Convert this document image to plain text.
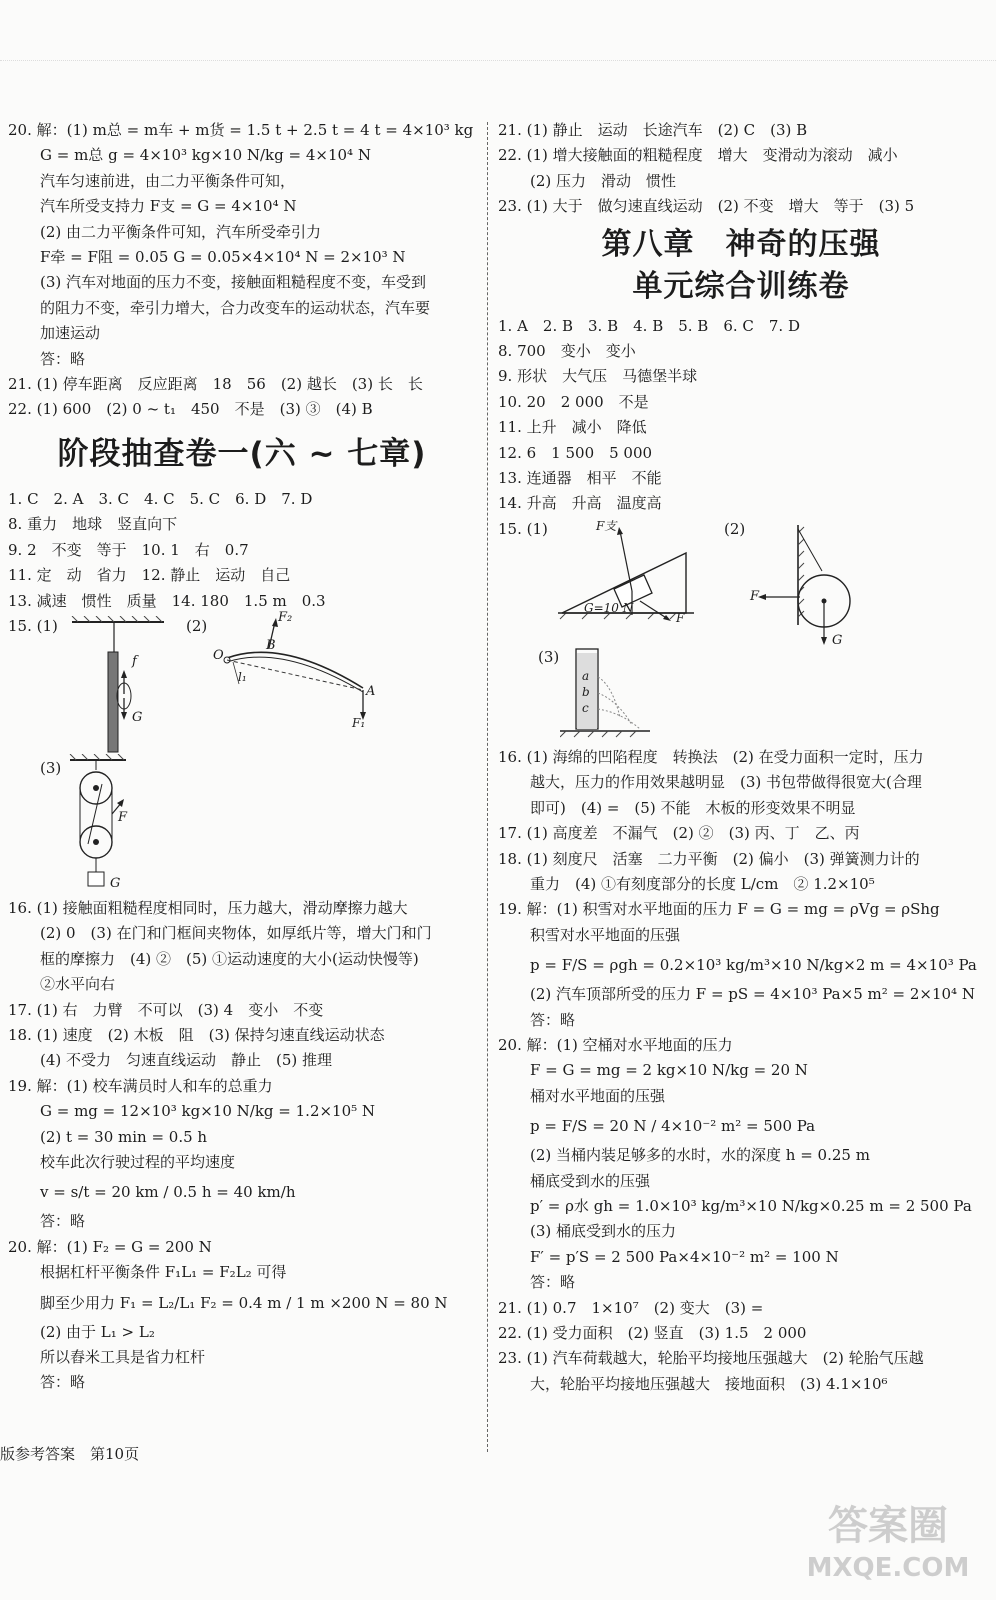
20. 解：(1) m总 = m车 + m货 = 1.5 t + 2.5 t = 4 t = 4×10³ kg
G = m总 g = 4×10³ kg×10 N/kg = 4×10⁴ N
汽车匀速前进，由二力平衡条件可知，
汽车所受支持力 F支 = G = 4×10⁴ N
(2) 由二力平衡条件可知，汽车所受牵引力
F牵 = F阻 = 0.05 G = 0.05×4×10⁴ N = 2×10³ N
(3) 汽车对地面的压力不变，接触面粗糙程度不变，车受到
的阻力不变，牵引力增大，合力改变车的运动状态，汽车要
加速运动
答：略
21. (1) 停车距离　反应距离　18　56　(2) 越长　(3) 长　长
22. (1) 600　(2) 0 ~ t₁　450　不是　(3) ③　(4) B
阶段抽查卷一(六 ~ 七章)
1. C　2. A　3. C　4. C　5. C　6. D　7. D
8. 重力　地球　竖直向下
9. 2　不变　等于　10. 1　右　0.7
11. 定　动　省力　12. 静止　运动　自己
13. 减速　惯性　质量　14. 180　1.5 m　0.3
15. (1)	(2)
(3)
f
G
F₂
O
B
l₁
A
F₁
F
G
16. (1) 接触面粗糙程度相同时，压力越大，滑动摩擦力越大
(2) 0　(3) 在门和门框间夹物体，如厚纸片等，增大门和门
框的摩擦力　(4) ②　(5) ①运动速度的大小(运动快慢等)
②水平向右
17. (1) 右　力臂　不可以　(3) 4　变小　不变
18. (1) 速度　(2) 木板　阻　(3) 保持匀速直线运动状态
(4) 不受力　匀速直线运动　静止　(5) 推理
19. 解：(1) 校车满员时人和车的总重力
G = mg = 12×10³ kg×10 N/kg = 1.2×10⁵ N
(2) t = 30 min = 0.5 h
校车此次行驶过程的平均速度
v = s/t = 20 km / 0.5 h = 40 km/h
答：略
20. 解：(1) F₂ = G = 200 N
根据杠杆平衡条件 F₁L₁ = F₂L₂ 可得
脚至少用力 F₁ = L₂/L₁ F₂ = 0.4 m / 1 m ×200 N = 80 N
(2) 由于 L₁ > L₂
所以舂米工具是省力杠杆
答：略
21. (1) 静止　运动　长途汽车　(2) C　(3) B
22. (1) 增大接触面的粗糙程度　增大　变滑动为滚动　减小
(2) 压力　滑动　惯性
23. (1) 大于　做匀速直线运动　(2) 不变　增大　等于　(3) 5
第八章　神奇的压强
单元综合训练卷
1. A　2. B　3. B　4. B　5. B　6. C　7. D
8. 700　变小　变小
9. 形状　大气压　马德堡半球
10. 20　2 000　不是
11. 上升　减小　降低
12. 6　1 500　5 000
13. 连通器　相平　不能
14. 升高　升高　温度高
15. (1)	(2)
(3)
F支
G=10 N
F
F
G
a
b
c
16. (1) 海绵的凹陷程度　转换法　(2) 在受力面积一定时，压力
越大，压力的作用效果越明显　(3) 书包带做得很宽大(合理
即可)　(4) =　(5) 不能　木板的形变效果不明显
17. (1) 高度差　不漏气　(2) ②　(3) 丙、丁　乙、丙
18. (1) 刻度尺　活塞　二力平衡　(2) 偏小　(3) 弹簧测力计的
重力　(4) ①有刻度部分的长度 L/cm　② 1.2×10⁵
19. 解：(1) 积雪对水平地面的压力 F = G = mg = ρVg = ρShg
积雪对水平地面的压强
p = F/S = ρgh = 0.2×10³ kg/m³×10 N/kg×2 m = 4×10³ Pa
(2) 汽车顶部所受的压力 F = pS = 4×10³ Pa×5 m² = 2×10⁴ N
答：略
20. 解：(1) 空桶对水平地面的压力
F = G = mg = 2 kg×10 N/kg = 20 N
桶对水平地面的压强
p = F/S = 20 N / 4×10⁻² m² = 500 Pa
(2) 当桶内装足够多的水时，水的深度 h = 0.25 m
桶底受到水的压强
p′ = ρ水 gh = 1.0×10³ kg/m³×10 N/kg×0.25 m = 2 500 Pa
(3) 桶底受到水的压力
F′ = p′S = 2 500 Pa×4×10⁻² m² = 100 N
答：略
21. (1) 0.7　1×10⁷　(2) 变大　(3) =
22. (1) 受力面积　(2) 竖直　(3) 1.5　2 000
23. (1) 汽车荷载越大，轮胎平均接地压强越大　(2) 轮胎气压越
大，轮胎平均接地压强越大　接地面积　(3) 4.1×10⁶
版参考答案　第10页
答案圈
MXQE.COM
